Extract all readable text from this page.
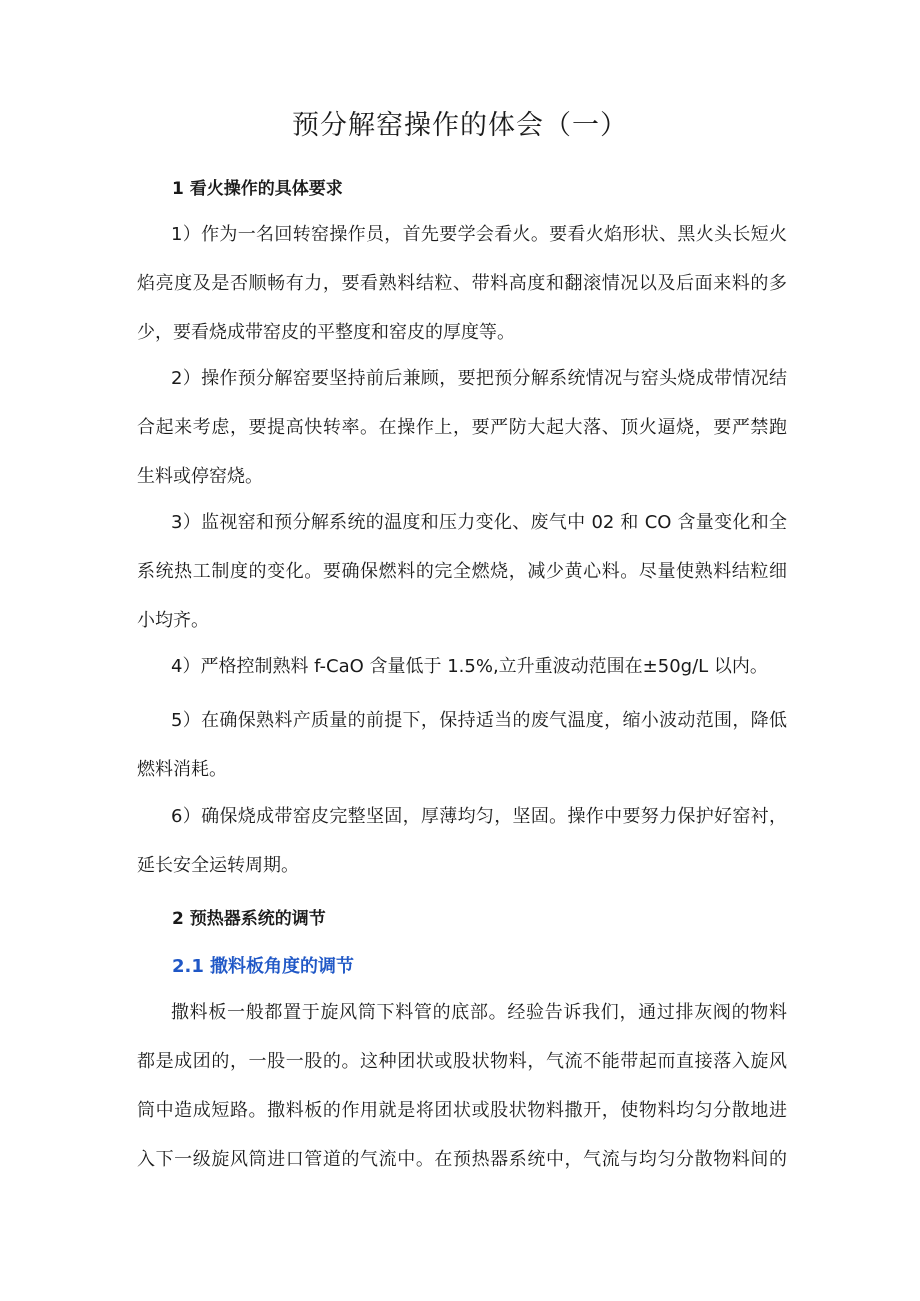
预分解窑操作的体会（一）
1 看火操作的具体要求
1）作为一名回转窑操作员，首先要学会看火。要看火焰形状、黑火头长短火
焰亮度及是否顺畅有力，要看熟料结粒、带料高度和翻滚情况以及后面来料的多
少，要看烧成带窑皮的平整度和窑皮的厚度等。
2）操作预分解窑要坚持前后兼顾，要把预分解系统情况与窑头烧成带情况结
合起来考虑，要提高快转率。在操作上，要严防大起大落、顶火逼烧，要严禁跑
生料或停窑烧。
3）监视窑和预分解系统的温度和压力变化、废气中 02 和 CO 含量变化和全
系统热工制度的变化。要确保燃料的完全燃烧，减少黄心料。尽量使熟料结粒细
小均齐。
4）严格控制熟料 f-CaO 含量低于 1.5%,立升重波动范围在±50g/L 以内。
5）在确保熟料产质量的前提下，保持适当的废气温度，缩小波动范围，降低
燃料消耗。
6）确保烧成带窑皮完整坚固，厚薄均匀，坚固。操作中要努力保护好窑衬，
延长安全运转周期。
2 预热器系统的调节
2.1 撒料板角度的调节
撒料板一般都置于旋风筒下料管的底部。经验告诉我们，通过排灰阀的物料
都是成团的，一股一股的。这种团状或股状物料，气流不能带起而直接落入旋风
筒中造成短路。撒料板的作用就是将团状或股状物料撒开，使物料均匀分散地进
入下一级旋风筒进口管道的气流中。在预热器系统中，气流与均匀分散物料间的
